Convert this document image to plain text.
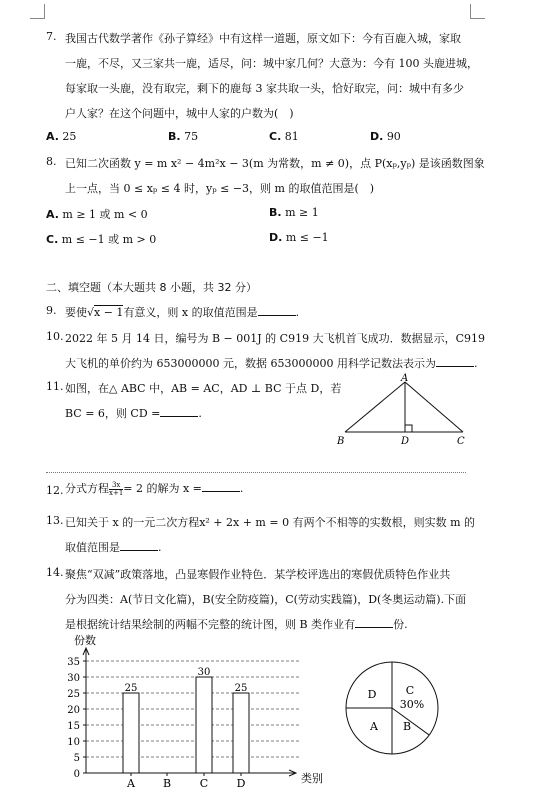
7. 我国古代数学著作《孙子算经》中有这样一道题，原文如下：今有百鹿入城，家取
一鹿，不尽，又三家共一鹿，适尽，问：城中家几何？大意为：今有 100 头鹿进城，
每家取一头鹿，没有取完，剩下的鹿每 3 家共取一头，恰好取完，问：城中有多少
户人家？在这个问题中，城中人家的户数为(　)
A. 25	B. 75	C. 81	D. 90
8. 已知二次函数 y = m x² − 4m²x − 3(m 为常数，m ≠ 0)，点 P(xₚ,yₚ) 是该函数图象
上一点，当 0 ≤ xₚ ≤ 4 时，yₚ ≤ −3，则 m 的取值范围是(　)
A. m ≥ 1 或 m < 0	B. m ≥ 1
C. m ≤ −1 或 m > 0	D. m ≤ −1
二、填空题（本大题共 8 小题，共 32 分）
9. 要使√x − 1有意义，则 x 的取值范围是	.
10. 2022 年 5 月 14 日，编号为 B − 001J 的 C919 大飞机首飞成功．数据显示，C919
大飞机的单价约为 653000000 元，数据 653000000 用科学记数法表示为	.
11. 如图，在△ ABC 中，AB = AC，AD ⊥ BC 于点 D，若
BC = 6，则 CD =	.
A
B	D	C
12. 分式方程 $\frac{3x}{x+1} = 2$ 的解为 x =	.
13. 已知关于 x 的一元二次方程x² + 2x + m = 0 有两个不相等的实数根，则实数 m 的
取值范围是	.
14. 聚焦“双减”政策落地，凸显寒假作业特色．某学校评选出的寒假优质特色作业共
分为四类：A(节日文化篇)，B(安全防疫篇)，C(劳动实践篇)，D(冬奥运动篇).下面
是根据统计结果绘制的两幅不完整的统计图，则 B 类作业有	份.
份数
类别
0
5
10
15
20
25
30
35
25
A	B
30
C
25
D
D	C
30%
B
A
